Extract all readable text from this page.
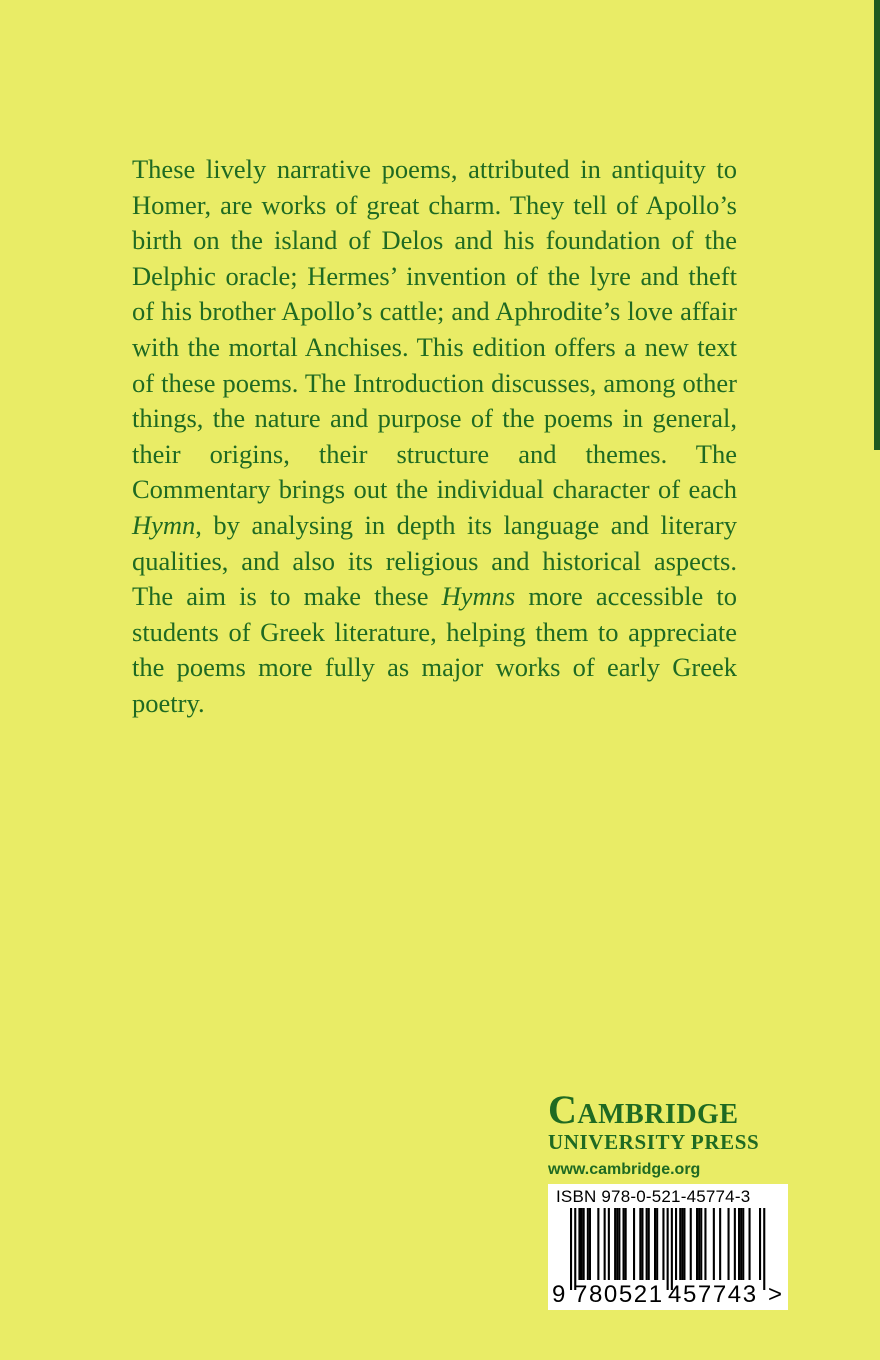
These lively narrative poems, attributed in antiquity to Homer, are works of great charm. They tell of Apollo’s birth on the island of Delos and his foundation of the Delphic oracle; Hermes’ invention of the lyre and theft of his brother Apollo’s cattle; and Aphrodite’s love affair with the mortal Anchises. This edition offers a new text of these poems. The Introduction discusses, among other things, the nature and purpose of the poems in general, their origins, their structure and themes. The Commentary brings out the individual character of each Hymn, by analysing in depth its language and literary qualities, and also its religious and historical aspects. The aim is to make these Hymns more accessible to students of Greek literature, helping them to appreciate the poems more fully as major works of early Greek poetry.

Cambridge
UNIVERSITY PRESS
www.cambridge.org
ISBN 978-0-521-45774-3
9 780521 457743 >
